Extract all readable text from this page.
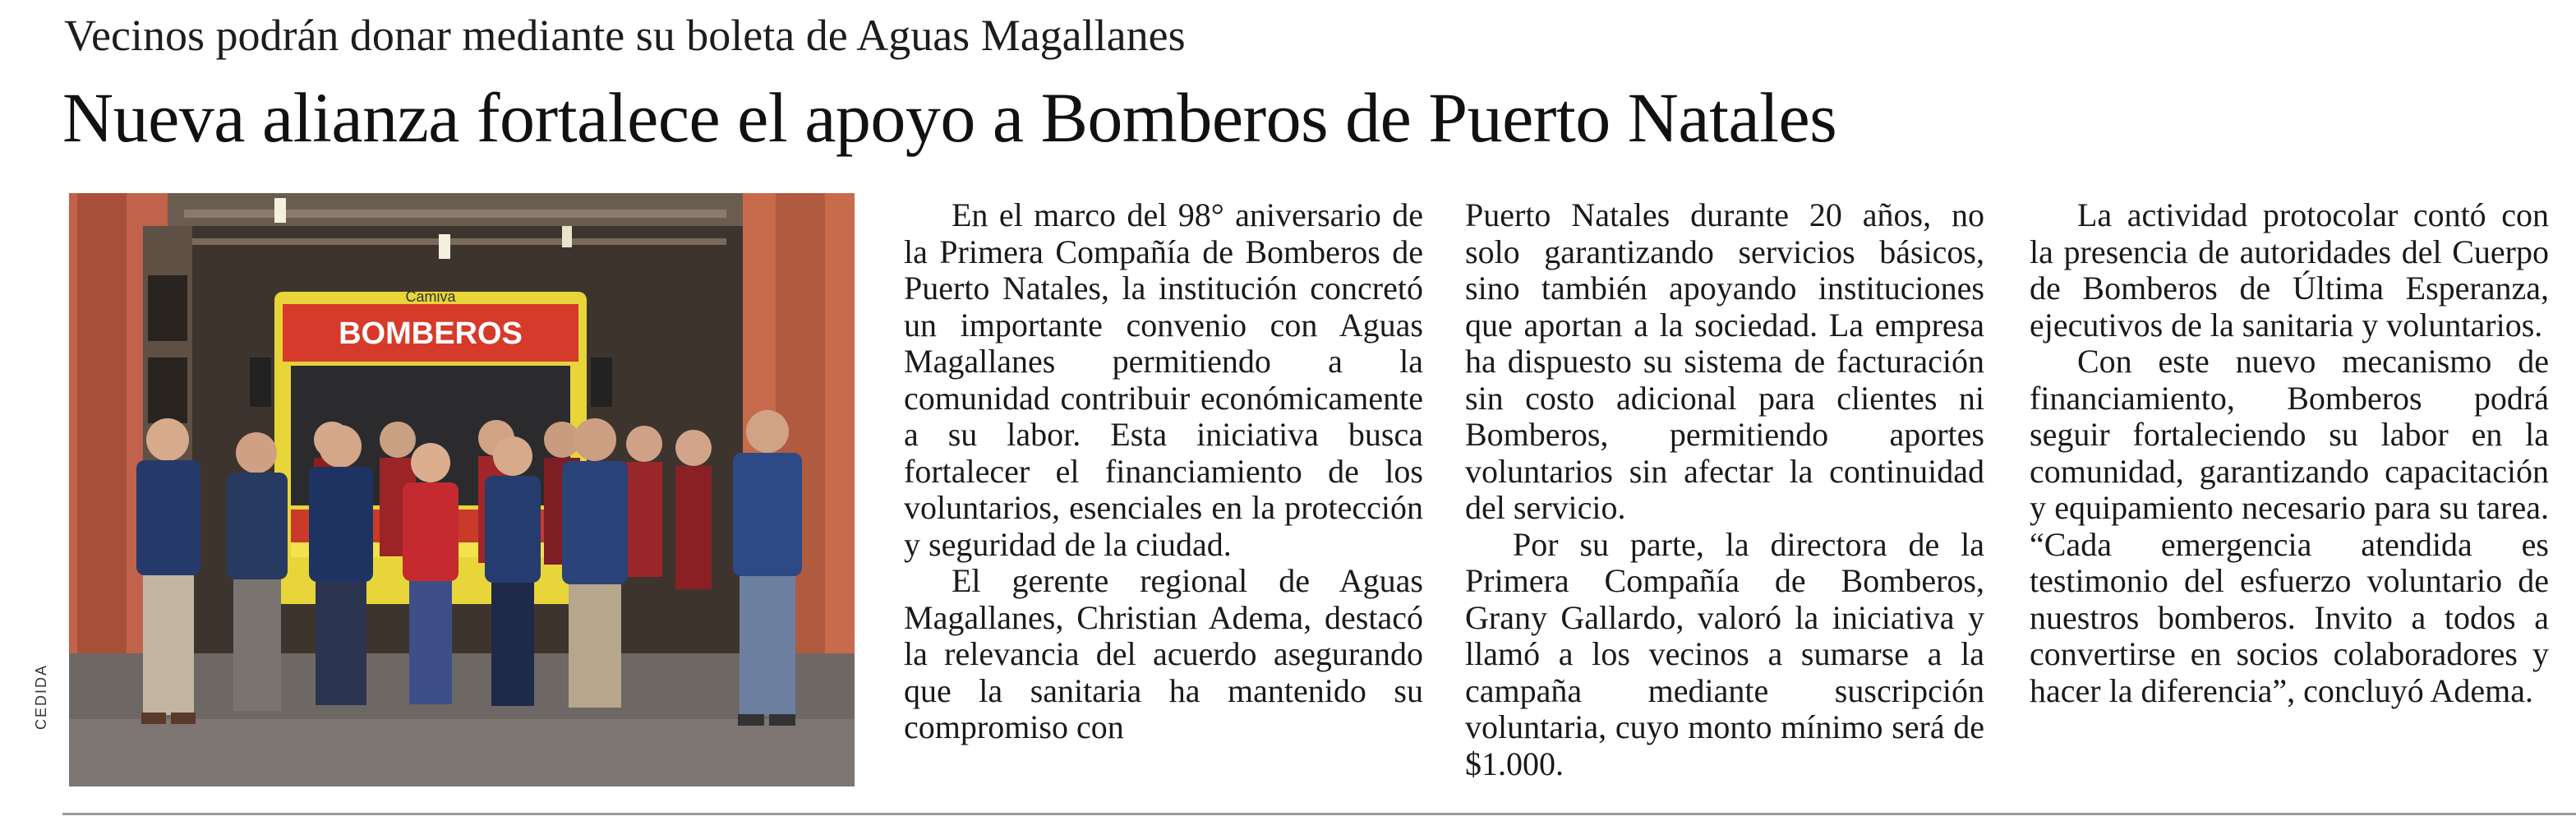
Vecinos podrán donar mediante su boleta de Aguas Magallanes
Nueva alianza fortalece el apoyo a Bomberos de Puerto Natales
BOMBEROS
Camiva
CEDIDA

En el marco del 98° aniversario de la Primera Compañía de Bomberos de Puerto Natales, la institución concretó un importante convenio con Aguas Magallanes permitiendo a la comunidad contribuir económicamente a su labor. Esta iniciativa busca fortalecer el financiamiento de los voluntarios, esenciales en la protección y seguridad de la ciudad.

El gerente regional de Aguas Magallanes, Christian Adema, destacó la relevancia del acuerdo asegurando que la sanitaria ha mantenido su compromiso con

Puerto Natales durante 20 años, no solo garantizando servicios básicos, sino también apoyando instituciones que aportan a la sociedad. La empresa ha dispuesto su sistema de facturación sin costo adicional para clientes ni Bomberos, permitiendo aportes voluntarios sin afectar la continuidad del servicio.

Por su parte, la directora de la Primera Compañía de Bomberos, Grany Gallardo, valoró la iniciativa y llamó a los vecinos a sumarse a la campaña mediante suscripción voluntaria, cuyo monto mínimo será de $1.000.

La actividad protocolar contó con la presencia de autoridades del Cuerpo de Bomberos de Última Esperanza, ejecutivos de la sanitaria y voluntarios.

Con este nuevo mecanismo de financiamiento, Bomberos podrá seguir fortaleciendo su labor en la comunidad, garantizando capacitación y equipamiento necesario para su tarea. “Cada emergencia atendida es testimonio del esfuerzo voluntario de nuestros bomberos. Invito a todos a convertirse en socios colaboradores y hacer la diferencia”, concluyó Adema.
